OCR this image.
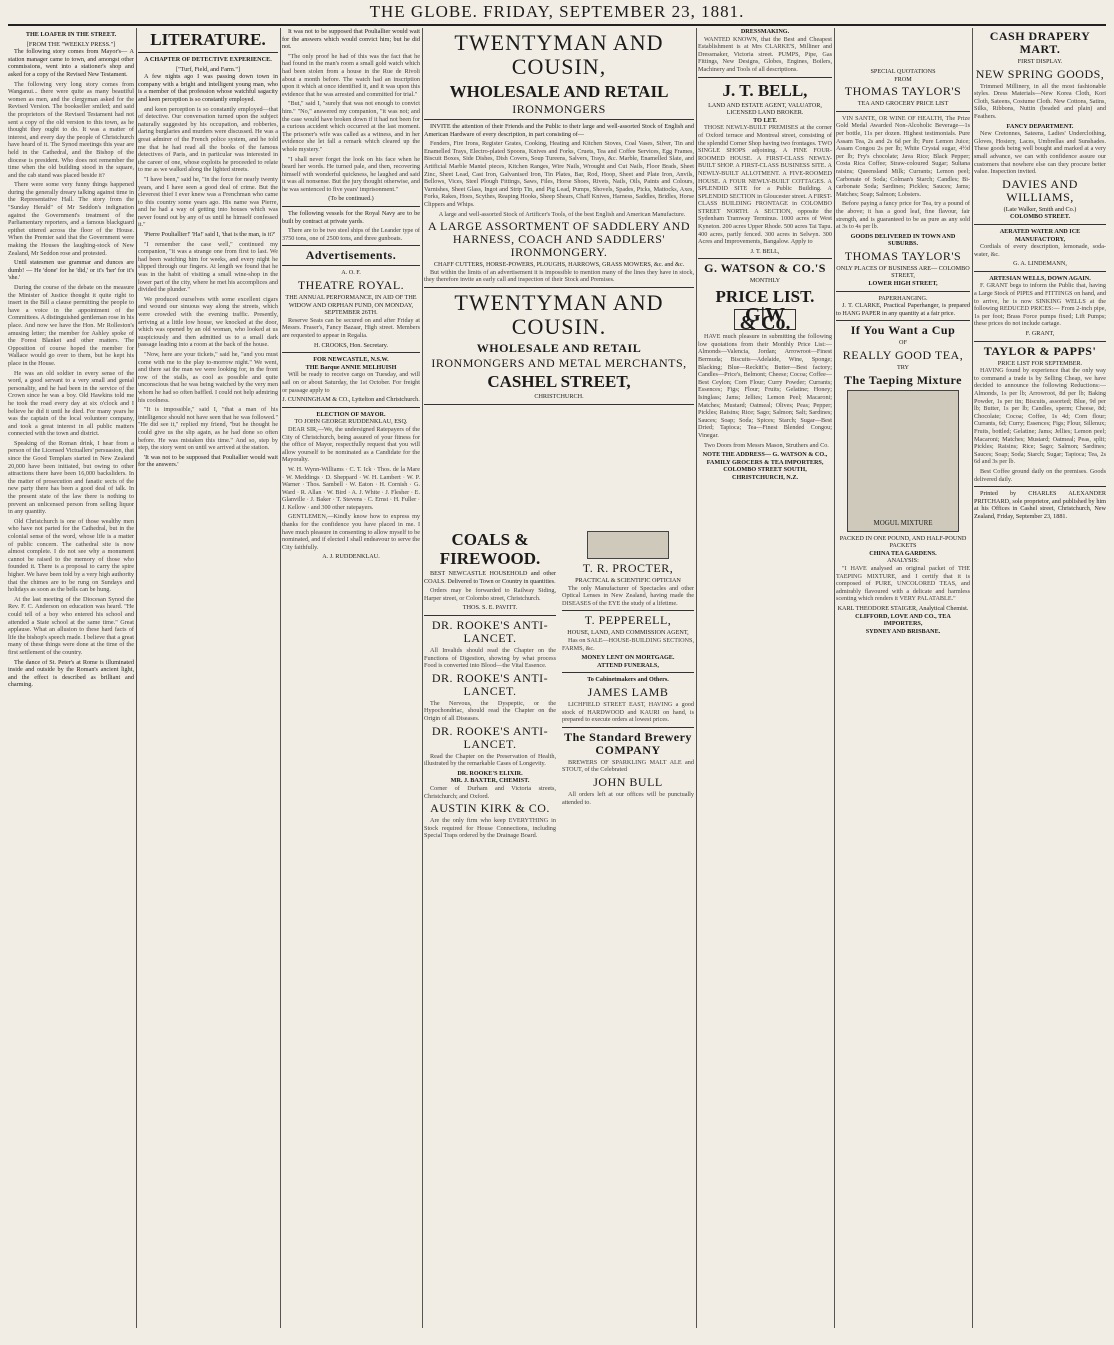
THE GLOBE. FRIDAY, SEPTEMBER 23, 1881.
THE LOAFER IN THE STREET.
[FROM THE "WEEKLY PRESS."]

The following story comes from Mayor's— A station manager came to town, and amongst other commissions, went into a stationer's shop and asked for a copy of the Revised New Testament.

The following very long story comes from Wanganui... there were quite as many beautiful women as men, and the clergyman asked for the Revised Version. The bookseller smiled; and said the proprietors of the Revised Testament had not sent a copy of the old version to this town, as he thought they ought to do. It was a matter of interest, and every day the people of Christchurch have heard of it. The Synod meetings this year are held in the Cathedral, and the Bishop of the diocese is president. Who does not remember the time when the old building stood in the square, and the cab stand was placed beside it?

There were some very funny things happened during the generally dreary talking against time in the Representative Hall. The story from the "Sunday Herald" of Mr Seddon's indignation against the Government's treatment of the Parliamentary reporters, and a famous blackguard epithet uttered across the floor of the House. When the Premier said that the Government were making the Houses the laughing-stock of New Zealand, Mr Seddon rose and protested.

Until statesmen use grammar and dunces are dumb! — He 'done' for he 'did,' or it's 'her' for it's 'she.'

During the course of the debate on the measure the Minister of Justice thought it quite right to insert in the Bill a clause permitting the people to have a voice in the appointment of the Committees. A distinguished gentleman rose in his place. And now we have the Hon. Mr Rolleston's amusing letter; the member for Ashley spoke of the Forest Blanket and other matters. The Opposition of course hoped the member for Wallace would go over to them, but he kept his place in the House.

He was an old soldier in every sense of the word, a good servant to a very small and genial personality, and he had been in the service of the Crown since he was a boy. Old Hawkins told me he took the road every day at six o'clock and I believe he did it until he died. For many years he was the captain of the local volunteer company, and took a great interest in all public matters connected with the town and district.

Speaking of the Roman drink, I hear from a person of the Licensed Victuallers' persuasion, that since the Good Templars started in New Zealand 20,000 have been initiated, but owing to other attractions there have been 16,000 backsliders. In the matter of prosecution and fanatic sects of the new party there has been a good deal of talk. In the present state of the law there is nothing to prevent an unlicensed person from selling liquor in any quantity.

Old Christchurch is one of those wealthy men who have not parted for the Cathedral, but in the colonial sense of the word, whose life is a matter of public concern. The cathedral site is now almost complete. I do not see why a monument cannot be raised to the memory of those who founded it. There is a proposal to carry the spire higher. We have been told by a very high authority that the chimes are to be rung on Sundays and holidays as soon as the bells can be hung.

At the last meeting of the Diocesan Synod the Rev. F. C. Anderson on education was heard. "He could tell of a boy who entered his school and attended a State school at the same time." Great applause. What an allusion to these hard facts of life the bishop's speech made. I believe that a great many of these things were done at the time of the first settlement of the country.

The dance of St. Peter's at Rome is illuminated inside and outside by the Roman's ancient light, and the effect is described as brilliant and charming.

LITERATURE.
A CHAPTER OF DETECTIVE EXPERIENCE.
["Turf, Field, and Farm."]

A few nights ago I was passing down town in company with a bright and intelligent young man, who is a member of that profession whose watchful sagacity and keen perception is so constantly employed.

and keen perception is so constantly employed—that of detective. Our conversation turned upon the subject naturally suggested by his occupation, and robberies, daring burglaries and murders were discussed. He was a great admirer of the French police system, and he told me that he had read all the books of the famous detectives of Paris, and in particular was interested in the career of one, whose exploits he proceeded to relate to me as we walked along the lighted streets.

"I have been," said he, "in the force for nearly twenty years, and I have seen a good deal of crime. But the cleverest thief I ever knew was a Frenchman who came to this country some years ago. His name was Pierre, and he had a way of getting into houses which was never found out by any of us until he himself confessed it."

'Pierre Pouliallier!' 'Ha!' said I, 'that is the man, is it?'

"I remember the case well," continued my companion, "it was a strange one from first to last. We had been watching him for weeks, and every night he slipped through our fingers. At length we found that he was in the habit of visiting a small wine-shop in the lower part of the city, where he met his accomplices and divided the plunder."

We produced ourselves with some excellent cigars and wound our sinuous way along the streets, which were crowded with the evening traffic. Presently, arriving at a little low house, we knocked at the door, which was opened by an old woman, who looked at us suspiciously and then admitted us to a small dark passage leading into a room at the back of the house.

"Now, here are your tickets," said he, "and you must come with me to the play to-morrow night." We went, and there sat the man we were looking for, in the front row of the stalls, as cool as possible and quite unconscious that he was being watched by the very men whom he had so often baffled. I could not help admiring his coolness.

"It is impossible," said I, "that a man of his intelligence should not have seen that he was followed." "He did see it," replied my friend, "but he thought he could give us the slip again, as he had done so often before. He was mistaken this time." And so, step by step, the story went on until we arrived at the station.

'It was not to be supposed that Pouliallier would wait for the answers.'

It was not to be supposed that Pouliallier would wait for the answers which would convict him; but he did not.

"The only proof he had of this was the fact that he had found in the man's room a small gold watch which had been stolen from a house in the Rue de Rivoli about a month before. The watch had an inscription upon it which at once identified it, and it was upon this evidence that he was arrested and committed for trial."

"But," said I, "surely that was not enough to convict him." "No," answered my companion, "it was not; and the case would have broken down if it had not been for a curious accident which occurred at the last moment. The prisoner's wife was called as a witness, and in her evidence she let fall a remark which cleared up the whole mystery."

"I shall never forget the look on his face when he heard her words. He turned pale, and then, recovering himself with wonderful quickness, he laughed and said it was all nonsense. But the jury thought otherwise, and he was sentenced to five years' imprisonment."

(To be continued.)

The following vessels for the Royal Navy are to be built by contract at private yards.

There are to be two steel ships of the Leander type of 3750 tons, one of 2500 tons, and three gunboats.

Advertisements.
A. O. F.
THEATRE ROYAL.
THE ANNUAL PERFORMANCE, IN AID OF THE WIDOW AND ORPHAN FUND, ON MONDAY, SEPTEMBER 26TH.

Reserve Seats can be secured on and after Friday at Messrs. Fraser's, Fancy Bazaar, High street. Members are requested to appear in Regalia.

H. CROOKS, Hon. Secretary.
FOR NEWCASTLE, N.S.W.
THE Barque ANNIE MELHUISH

Will be ready to receive cargo on Tuesday, and will sail on or about Saturday, the 1st October. For freight or passage apply to

J. CUNNINGHAM & CO., Lyttelton and Christchurch.
ELECTION OF MAYOR.
TO JOHN GEORGE RUDDENKLAU, ESQ.

DEAR SIR,—We, the undersigned Ratepayers of the City of Christchurch, being assured of your fitness for the office of Mayor, respectfully request that you will allow yourself to be nominated as a Candidate for the Mayoralty.

W. H. Wynn-Williams · C. T. Ick · Thos. de la Mare · W. Meddings · D. Sheppard · W. H. Lambert · W. P. Warner · Thos. Sambell · W. Eaton · H. Cornish · G. Ward · R. Allan · W. Bird · A. J. White · J. Flesher · E. Glanville · J. Baker · T. Stevens · C. Ernst · H. Fuller · J. Kellow · and 300 other ratepayers.

GENTLEMEN,—Kindly know how to express my thanks for the confidence you have placed in me. I have much pleasure in consenting to allow myself to be nominated, and if elected I shall endeavour to serve the City faithfully.

A. J. RUDDENKLAU.
TWENTYMAN AND COUSIN,
WHOLESALE AND RETAIL
IRONMONGERS

INVITE the attention of their Friends and the Public to their large and well-assorted Stock of English and American Hardware of every description, in part consisting of—

Fenders, Fire Irons, Register Grates, Cooking, Heating and Kitchen Stoves, Coal Vases, Silver, Tin and Enamelled Trays, Electro-plated Spoons, Knives and Forks, Cruets, Tea and Coffee Services, Egg Frames, Biscuit Boxes, Side Dishes, Dish Covers, Soup Tureens, Salvers, Trays, &c. Marble, Enamelled Slate, and Artificial Marble Mantel pieces, Kitchen Ranges, Wire Nails, Wrought and Cut Nails, Floor Brads, Sheet Zinc, Sheet Lead, Cast Iron, Galvanised Iron, Tin Plates, Bar, Rod, Hoop, Sheet and Plate Iron, Anvils, Bellows, Vices, Steel Plough Fittings, Saws, Files, Horse Shoes, Rivets, Nails, Oils, Paints and Colours, Varnishes, Sheet Glass, Ingot and Strip Tin, and Pig Lead, Pumps, Shovels, Spades, Picks, Mattocks, Axes, Forks, Rakes, Hoes, Scythes, Reaping Hooks, Sheep Shears, Chaff Knives, Harness, Saddles, Bridles, Horse Clippers and Whips.

A large and well-assorted Stock of Artificer's Tools, of the best English and American Manufacture.

A LARGE ASSORTMENT OF SADDLERY AND HARNESS, COACH AND SADDLERS' IRONMONGERY.
CHAFF CUTTERS, HORSE-POWERS, PLOUGHS, HARROWS, GRASS MOWERS, &c. and &c.

But within the limits of an advertisement it is impossible to mention many of the lines they have in stock, they therefore invite an early call and inspection of their Stock and Premises.

TWENTYMAN AND COUSIN.
WHOLESALE AND RETAIL
IRONMONGERS AND METAL MERCHANTS,
CASHEL STREET,
CHRISTCHURCH.
COALS & FIREWOOD.

BEST NEWCASTLE HOUSEHOLD and other COALS. Delivered to Town or Country in quantities.

Orders may be forwarded to Railway Siding, Harper street, or Colombo street, Christchurch.

THOS. S. E. PAVITT.
DR. ROOKE'S ANTI-LANCET.

All Invalids should read the Chapter on the Functions of Digestion, showing by what process Food is converted into Blood—the Vital Essence.

DR. ROOKE'S ANTI-LANCET.

The Nervous, the Dyspeptic, or the Hypochondriac, should read the Chapter on the Origin of all Diseases.

DR. ROOKE'S ANTI-LANCET.

Read the Chapter on the Preservation of Health, illustrated by the remarkable Cases of Longevity.

DR. ROOKE'S ELIXIR.
MR. J. BAXTER, CHEMIST.

Corner of Durham and Victoria streets, Christchurch; and Oxford.

AUSTIN KIRK & CO.

Are the only firm who keep EVERYTHING in Stock required for House Connections, including Special Traps ordered by the Drainage Board.

T. R. PROCTER,
PRACTICAL & SCIENTIFIC OPTICIAN

The only Manufacturer of Spectacles and other Optical Lenses in New Zealand, having made the DISEASES of the EYE the study of a lifetime.

T. PEPPERELL,
HOUSE, LAND, AND COMMISSION AGENT,

Has on SALE—HOUSE-BUILDING SECTIONS, FARMS, &c.

MONEY LENT ON MORTGAGE.
ATTEND FUNERALS,
To Cabinetmakers and Others.
JAMES LAMB

LICHFIELD STREET EAST, HAVING a good stock of HARDWOOD and KAURI on hand, is prepared to execute orders at lowest prices.

The Standard Brewery COMPANY

BREWERS OF SPARKLING MALT ALE and STOUT, of the Celebrated

JOHN BULL

All orders left at our offices will be punctually attended to.

DRESSMAKING.

WANTED KNOWN, that the Best and Cheapest Establishment is at Mrs CLARKE'S, Milliner and Dressmaker, Victoria street. PUMPS, Pipe, Gas Fittings, New Designs, Globes, Engines, Boilers, Machinery and Tools of all descriptions.

J. T. BELL,
LAND AND ESTATE AGENT, VALUATOR, LICENSED LAND BROKER.
TO LET.

THOSE NEWLY-BUILT PREMISES at the corner of Oxford terrace and Montreal street, consisting of the splendid Corner Shop having two frontages. TWO SINGLE SHOPS adjoining. A FINE FOUR-ROOMED HOUSE. A FIRST-CLASS NEWLY-BUILT SHOP. A FIRST-CLASS BUSINESS SITE. A NEWLY-BUILT ALLOTMENT. A FIVE-ROOMED HOUSE. A FOUR NEWLY-BUILT COTTAGES. A SPLENDID SITE for a Public Building. A SPLENDID SECTION in Gloucester street. A FIRST-CLASS BUILDING FRONTAGE in COLOMBO STREET NORTH. A SECTION, opposite the Sydenham Tramway Terminus. 1000 acres of West Kyneton. 200 acres Upper Rhode. 500 acres Tai Tapu. 400 acres, partly fenced. 300 acres in Selwyn. 300 Acres and Improvements, Bangalow. Apply to

J. T. BELL,
G. WATSON & CO.'S
MONTHLY
PRICE LIST.
G|W & Co.

HAVE much pleasure in submitting the following low quotations from their Monthly Price List:— Almonds—Valencia, Jordan; Arrowroot—Finest Bermuda; Biscuits—Adelaide, Wine, Sponge; Blacking; Blue—Reckitt's; Butter—Best factory; Candles—Price's, Belmont; Cheese; Cocoa; Coffee—Best Ceylon; Corn Flour; Curry Powder; Currants; Essences; Figs; Flour; Fruits; Gelatine; Honey; Isinglass; Jams; Jellies; Lemon Peel; Macaroni; Matches; Mustard; Oatmeal; Olives; Peas; Pepper; Pickles; Raisins; Rice; Sago; Salmon; Salt; Sardines; Sauces; Soap; Soda; Spices; Starch; Sugar—Best Dried; Tapioca; Tea—Finest Blended Congou; Vinegar.

Two Doors from Messrs Mason, Struthers and Co.

NOTE THE ADDRESS— G. WATSON & CO., FAMILY GROCERS & TEA IMPORTERS, COLOMBO STREET SOUTH, CHRISTCHURCH, N.Z.
SPECIAL QUOTATIONS
FROM
THOMAS TAYLOR'S
TEA AND GROCERY PRICE LIST

VIN SANTE, OR WINE OF HEALTH, The Prize Gold Medal Awarded Non-Alcoholic Beverage—1s per bottle, 11s per dozen. Highest testimonials. Pure Assam Tea, 2s and 2s 6d per lb; Pure Lemon Juice; Assam Congou 2s per lb; White Crystal sugar, 4½d per lb; Fry's chocolate; Java Rice; Black Pepper; Costa Rica Coffee; Straw-coloured Sugar; Sultana raisins; Queensland Milk; Currants; Lemon peel; Carbonate of Soda; Colman's Starch; Candles; Bi-carbonate Soda; Sardines; Pickles; Sauces; Jams; Matches; Soap; Salmon; Lobsters.

Before paying a fancy price for Tea, try a pound of the above; it has a good leaf, fine flavour, fair strength, and is guaranteed to be as pure as any sold at 3s to 4s per lb.

GOODS DELIVERED IN TOWN AND SUBURBS.
THOMAS TAYLOR'S
ONLY PLACES OF BUSINESS ARE— COLOMBO STREET,
LOWER HIGH STREET,
PAPERHANGING.

J. T. CLARKE, Practical Paperhanger, is prepared to HANG PAPER in any quantity at a fair price.

If You Want a Cup
OF
REALLY GOOD TEA,
TRY
The Taeping Mixture
MOGUL MIXTURE
PACKED IN ONE POUND, AND HALF-POUND PACKETS
CHINA TEA GARDENS.
ANALYSIS:

"I HAVE analysed an original packet of THE TAEPING MIXTURE, and I certify that it is composed of PURE, UNCOLORED TEAS, and admirably flavoured with a delicate and harmless scenting which renders it VERY PALATABLE."

KARL THEODORE STAIGER, Analytical Chemist.
CLIFFORD, LOVE AND CO., TEA IMPORTERS,
SYDNEY AND BRISBANE.
CASH DRAPERY MART.
FIRST DISPLAY.
NEW SPRING GOODS,

Trimmed Millinery, in all the most fashionable styles. Dress Materials—New Korea Cloth, Kori Cloth, Sateens, Costume Cloth. New Cottons, Satins, Silks, Ribbons, Nuttin (beaded and plain) and Feathers.

FANCY DEPARTMENT.

New Cretonnes, Sateens, Ladies' Underclothing, Gloves, Hosiery, Laces, Umbrellas and Sunshades. These goods being well bought and marked at a very small advance, we can with confidence assure our customers that nowhere else can they procure better value. Inspection invited.

DAVIES AND WILLIAMS,
(Late Walker, Smith and Co.)
COLOMBO STREET.
AERATED WATER AND ICE MANUFACTORY,

Cordials of every description, lemonade, soda-water, &c.

G. A. LINDEMANN,
ARTESIAN WELLS, DOWN AGAIN.

F. GRANT begs to inform the Public that, having a Large Stock of PIPES and FITTINGS on hand, and to arrive, he is now SINKING WELLS at the following REDUCED PRICES:— From 2-inch pipe, 1s per foot; Brass Force pumps fixed; Lift Pumps; these prices do not include cartage.

F. GRANT,
TAYLOR & PAPPS'
PRICE LIST FOR SEPTEMBER.

HAVING found by experience that the only way to command a trade is by Selling Cheap, we have decided to announce the following Reductions:— Almonds, 1s per lb; Arrowroot, 8d per lb; Baking Powder, 1s per tin; Biscuits, assorted; Blue, 9d per lb; Butter, 1s per lb; Candles, sperm; Cheese, 8d; Chocolate; Cocoa; Coffee, 1s 4d; Corn flour; Currants, 6d; Curry; Essences; Figs; Flour, Sillenux; Fruits, bottled; Gelatine; Jams; Jellies; Lemon peel; Macaroni; Matches; Mustard; Oatmeal; Peas, split; Pickles; Raisins; Rice; Sago; Salmon; Sardines; Sauces; Soap; Soda; Starch; Sugar; Tapioca; Tea, 2s 6d and 3s per lb.

Best Coffee ground daily on the premises. Goods delivered daily.

Printed by CHARLES ALEXANDER PRITCHARD, sole proprietor, and published by him at his Offices in Cashel street, Christchurch, New Zealand, Friday, September 23, 1881.
